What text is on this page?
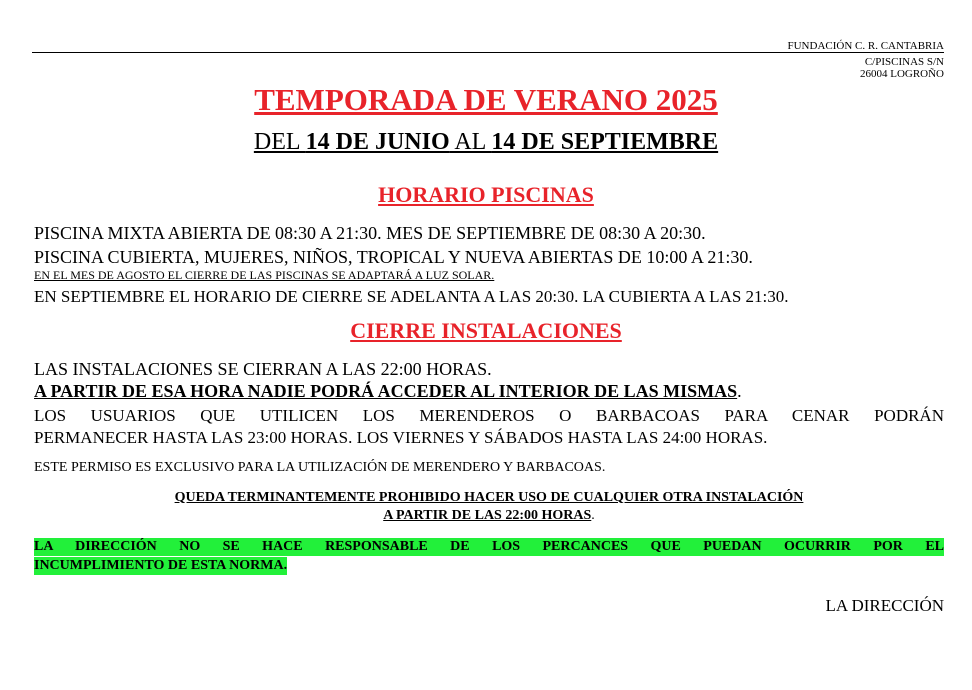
FUNDACIÓN C. R. CANTABRIA
C/PISCINAS S/N
26004 LOGROÑO
TEMPORADA DE VERANO 2025
DEL 14 DE JUNIO AL 14 DE SEPTIEMBRE
HORARIO PISCINAS
PISCINA MIXTA ABIERTA DE 08:30 A 21:30. MES DE SEPTIEMBRE DE 08:30 A 20:30.
PISCINA CUBIERTA, MUJERES, NIÑOS, TROPICAL Y NUEVA ABIERTAS DE 10:00 A 21:30.
EN EL MES DE AGOSTO EL CIERRE DE LAS PISCINAS SE ADAPTARÁ A LUZ SOLAR.
EN SEPTIEMBRE EL HORARIO DE CIERRE SE ADELANTA A LAS 20:30. LA CUBIERTA A LAS 21:30.
CIERRE INSTALACIONES
LAS INSTALACIONES SE CIERRAN A LAS 22:00 HORAS.
A PARTIR DE ESA HORA NADIE PODRÁ ACCEDER AL INTERIOR DE LAS MISMAS.
LOS USUARIOS QUE UTILICEN LOS MERENDEROS O BARBACOAS PARA CENAR PODRÁN
PERMANECER HASTA LAS 23:00 HORAS. LOS VIERNES Y SÁBADOS HASTA LAS 24:00 HORAS.
ESTE PERMISO ES EXCLUSIVO PARA LA UTILIZACIÓN DE MERENDERO Y BARBACOAS.
QUEDA TERMINANTEMENTE PROHIBIDO HACER USO DE CUALQUIER OTRA INSTALACIÓN
A PARTIR DE LAS 22:00 HORAS.
LA DIRECCIÓN NO SE HACE RESPONSABLE DE LOS PERCANCES QUE PUEDAN OCURRIR POR EL
INCUMPLIMIENTO DE ESTA NORMA.
LA DIRECCIÓN
